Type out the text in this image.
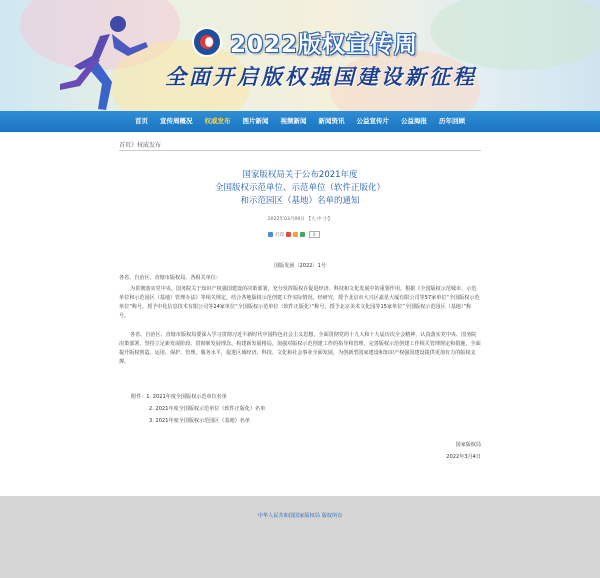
2022版权宣传周
全面开启版权强国建设新征程
首页	宣传周概况	权威发布	图片新闻	视频新闻	新闻资讯	公益宣传片	公益海报	历年回顾
首页》权威发布
国家版权局关于公布2021年度
全国版权示范单位、示范单位（软件正版化）
和示范园区（基地）名单的通知
2022年03月09日 【大 中 小】
打印	0
国版发函〔2022〕1号
各省、自治区、直辖市版权局，各相关单位：
为贯彻落实党中央、国务院关于知识产权强国建设的决策部署，充分发挥版权在促进经济、科技和文化发展中的重要作用，根据《全国版权示范城市、示范单位和示范园区（基地）管理办法》等相关规定，结合各地版权示范创建工作实际情况，经研究，授予北京市大兴区嘉星大厦有限公司等57家单位“全国版权示范单位”称号，授予中化信息技术有限公司等24家单位“全国版权示范单位（软件正版化）”称号，授予北京美术文化园等15家单位“全国版权示范园区（基地）”称号。
各省、自治区、直辖市版权局要深入学习贯彻习近平新时代中国特色社会主义思想，全面贯彻党的十九大和十九届历次全会精神，认真落实党中央、国务院决策部署，坚持立足新发展阶段、贯彻新发展理念、构建新发展格局，加强对版权示范创建工作的指导和管理，完善版权示范创建工作相关管理规定和措施，全面提升版权创造、运用、保护、管理、服务水平，促进区域经济、科技、文化和社会事业全面发展，为创新型国家建设和知识产权强国建设提供更加有力的版权支撑。
附件：1. 2021年度全国版权示范单位名单
2. 2021年度全国版权示范单位（软件正版化）名单
3. 2021年度全国版权示范园区（基地）名单
国家版权局
2022年3月4日
中华人民共和国国家版权局 版权所有
